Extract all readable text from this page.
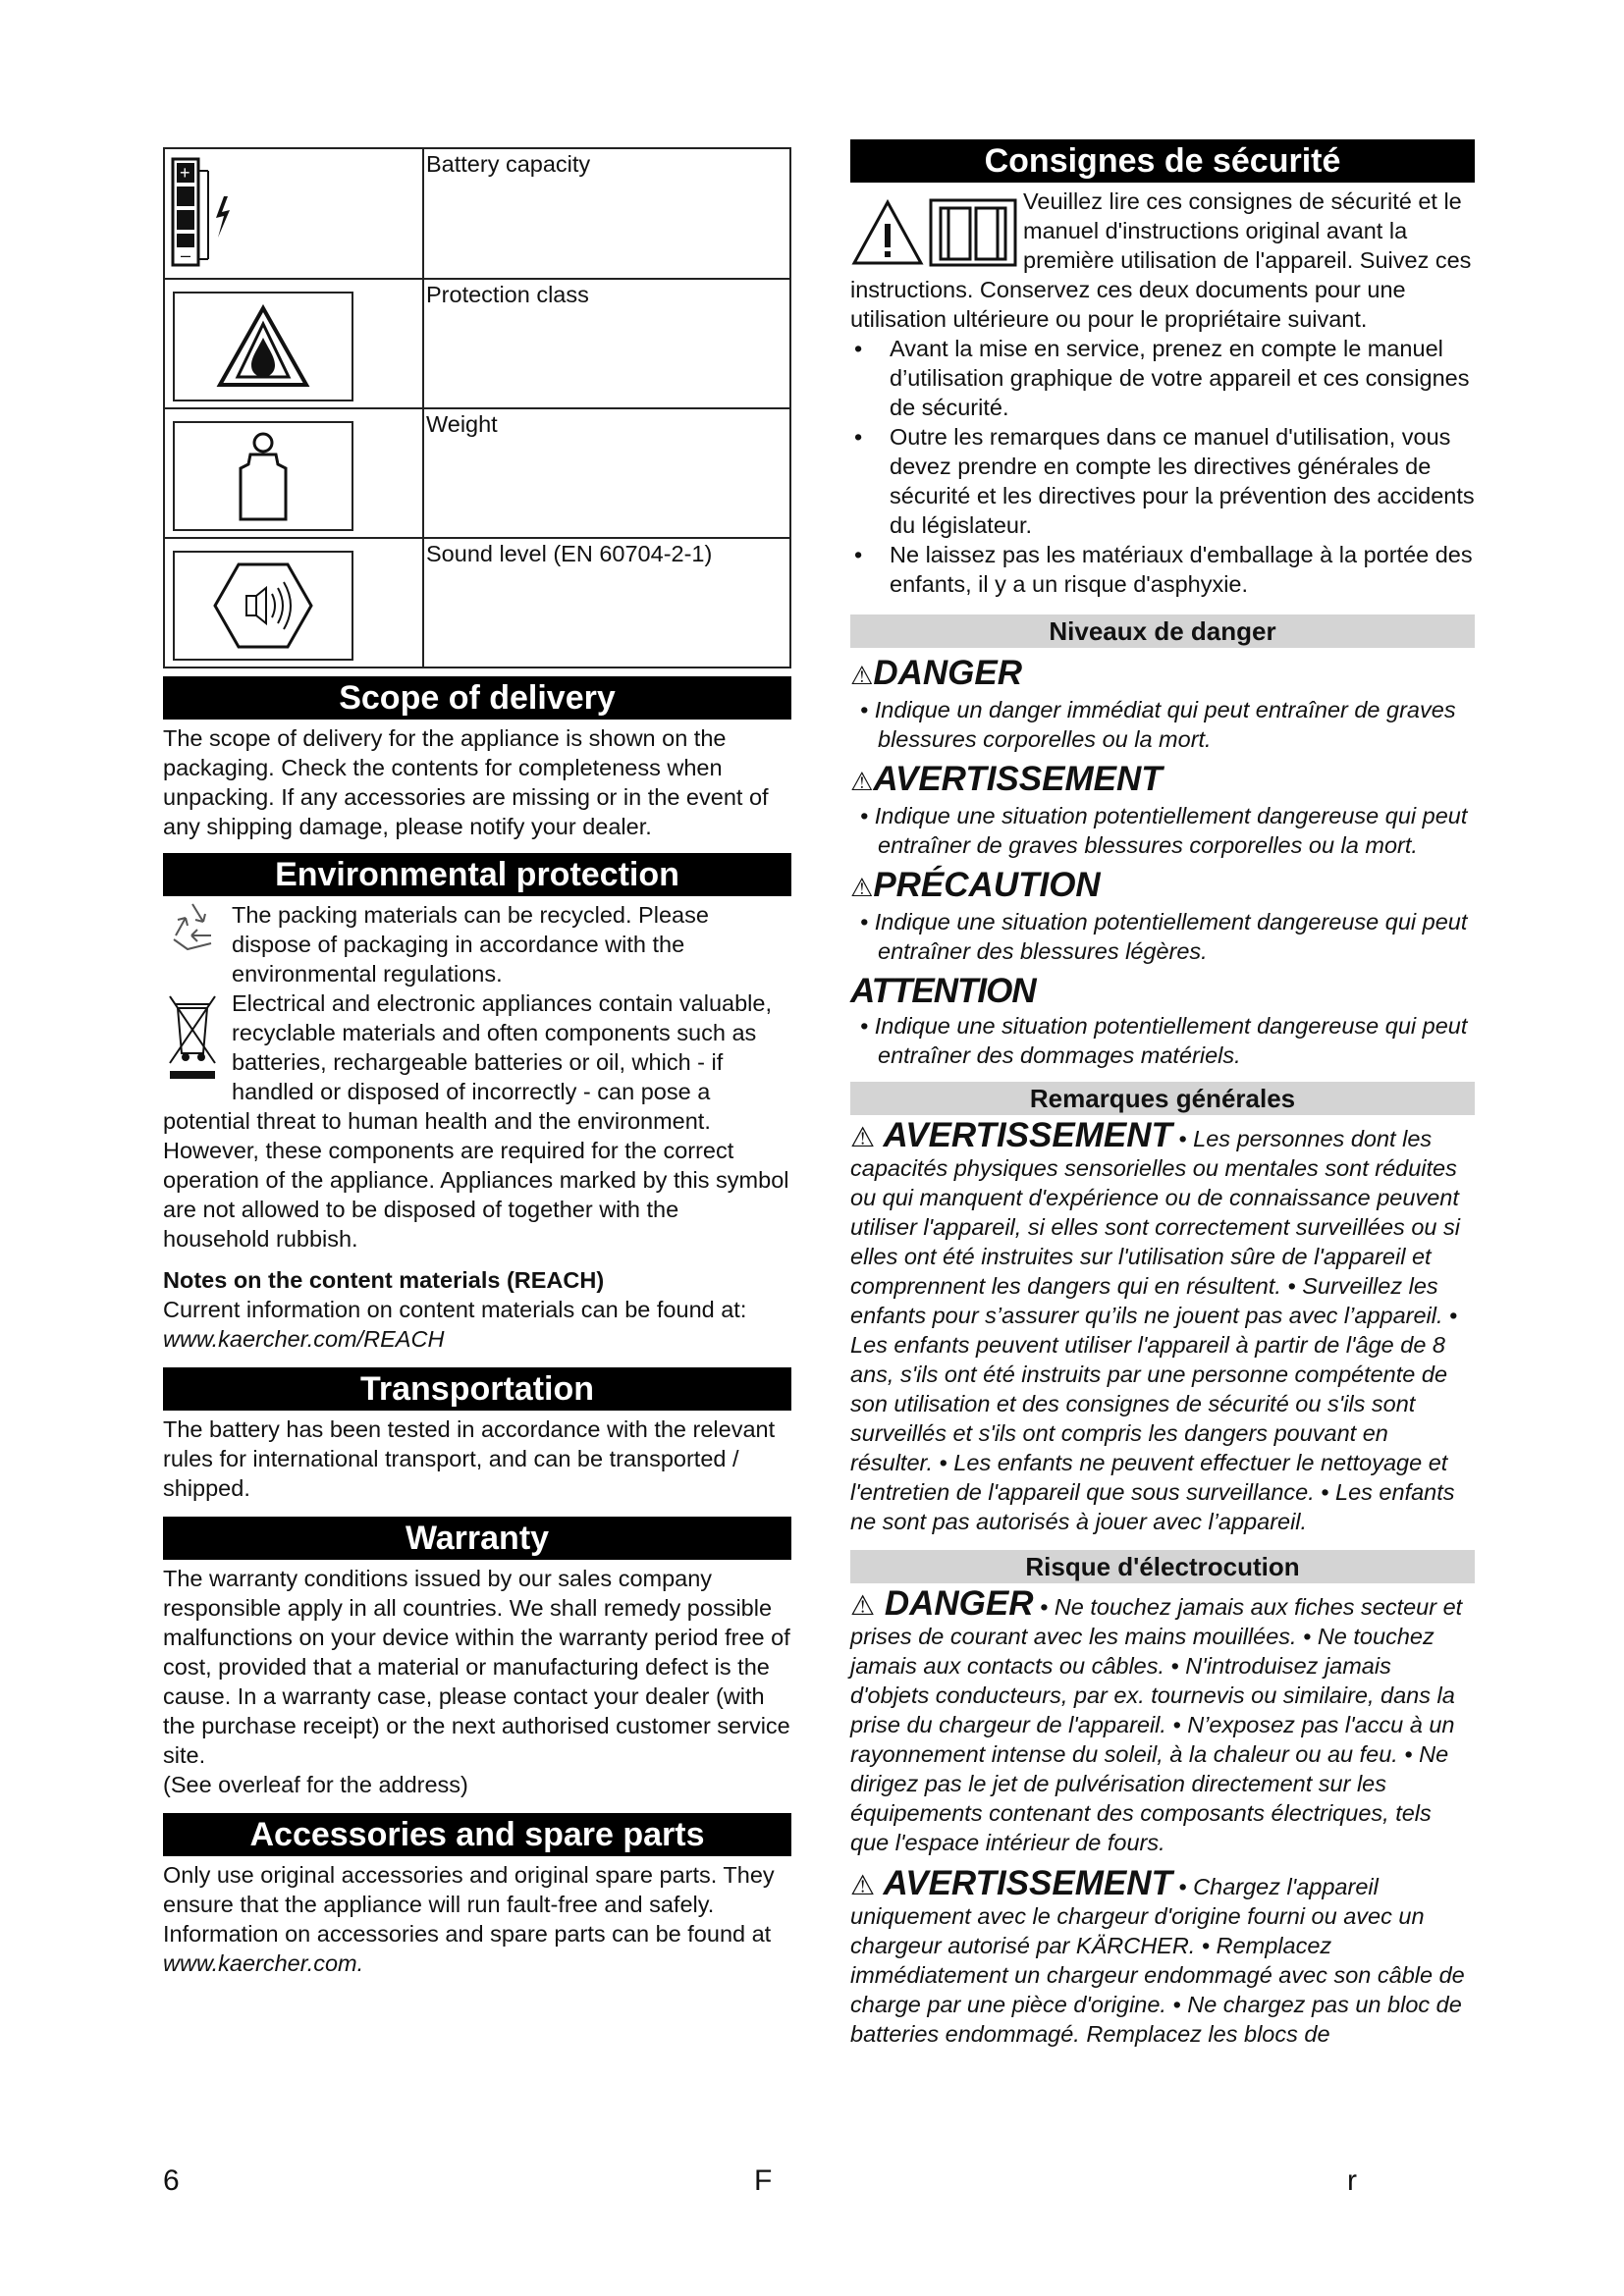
+
–	Battery capacity

	Protection class

	Weight

	Sound level (EN 60704-2-1)
Scope of delivery

The scope of delivery for the appliance is shown on the packaging. Check the contents for completeness when unpacking. If any accessories are missing or in the event of any shipping damage, please notify your dealer.

Environmental protection

The packing materials can be recycled. Please dispose of packaging in accordance with the environmental regulations.

Electrical and electronic appliances contain valuable, recyclable materials and often components such as batteries, rechargeable batteries or oil, which - if handled or disposed of incorrectly - can pose a potential threat to human health and the environment. However, these components are required for the correct operation of the appliance. Appliances marked by this symbol are not allowed to be disposed of together with the household rubbish.

Notes on the content materials (REACH)

Current information on content materials can be found at: www.kaercher.com/REACH

Transportation

The battery has been tested in accordance with the relevant rules for international transport, and can be transported / shipped.

Warranty

The warranty conditions issued by our sales company responsible apply in all countries. We shall remedy possible malfunctions on your device within the warranty period free of cost, provided that a material or manufacturing defect is the cause. In a warranty case, please contact your dealer (with the purchase receipt) or the next authorised customer service site.

(See overleaf for the address)

Accessories and spare parts

Only use original accessories and original spare parts. They ensure that the appliance will run fault-free and safely.

Information on accessories and spare parts can be found at www.kaercher.com.

Consignes de sécurité

Veuillez lire ces consignes de sécurité et le manuel d'instructions original avant la première utilisation de l'appareil. Suivez ces instructions. Conservez ces deux documents pour une utilisation ultérieure ou pour le propriétaire suivant.

• Avant la mise en service, prenez en compte le manuel d’utilisation graphique de votre appareil et ces consignes de sécurité.
• Outre les remarques dans ce manuel d'utilisation, vous devez prendre en compte les directives générales de sécurité et les directives pour la prévention des accidents du législateur.
• Ne laissez pas les matériaux d'emballage à la portée des enfants, il y a un risque d'asphyxie.
Niveaux de danger
⚠DANGER
• Indique un danger immédiat qui peut entraîner de graves blessures corporelles ou la mort.
⚠AVERTISSEMENT
• Indique une situation potentiellement dangereuse qui peut entraîner de graves blessures corporelles ou la mort.
⚠PRÉCAUTION
• Indique une situation potentiellement dangereuse qui peut entraîner des blessures légères.
ATTENTION
• Indique une situation potentiellement dangereuse qui peut entraîner des dommages matériels.
Remarques générales

⚠ AVERTISSEMENT • Les personnes dont les capacités physiques sensorielles ou mentales sont réduites ou qui manquent d'expérience ou de connaissance peuvent utiliser l'appareil, si elles sont correctement surveillées ou si elles ont été instruites sur l'utilisation sûre de l'appareil et comprennent les dangers qui en résultent. • Surveillez les enfants pour s’assurer qu’ils ne jouent pas avec l’appareil. • Les enfants peuvent utiliser l'appareil à partir de l'âge de 8 ans, s'ils ont été instruits par une personne compétente de son utilisation et des consignes de sécurité ou s'ils sont surveillés et s'ils ont compris les dangers pouvant en résulter. • Les enfants ne peuvent effectuer le nettoyage et l'entretien de l'appareil que sous surveillance. • Les enfants ne sont pas autorisés à jouer avec l’appareil.

Risque d'électrocution

⚠ DANGER • Ne touchez jamais aux fiches secteur et prises de courant avec les mains mouillées. • Ne touchez jamais aux contacts ou câbles. • N'introduisez jamais d'objets conducteurs, par ex. tournevis ou similaire, dans la prise du chargeur de l'appareil. • N’exposez pas l'accu à un rayonnement intense du soleil, à la chaleur ou au feu. • Ne dirigez pas le jet de pulvérisation directement sur les équipements contenant des composants électriques, tels que l'espace intérieur de fours.

⚠ AVERTISSEMENT • Chargez l'appareil uniquement avec le chargeur d'origine fourni ou avec un chargeur autorisé par KÄRCHER. • Remplacez immédiatement un chargeur endommagé avec son câble de charge par une pièce d'origine. • Ne chargez pas un bloc de batteries endommagé. Remplacez les blocs de

6	F	r
